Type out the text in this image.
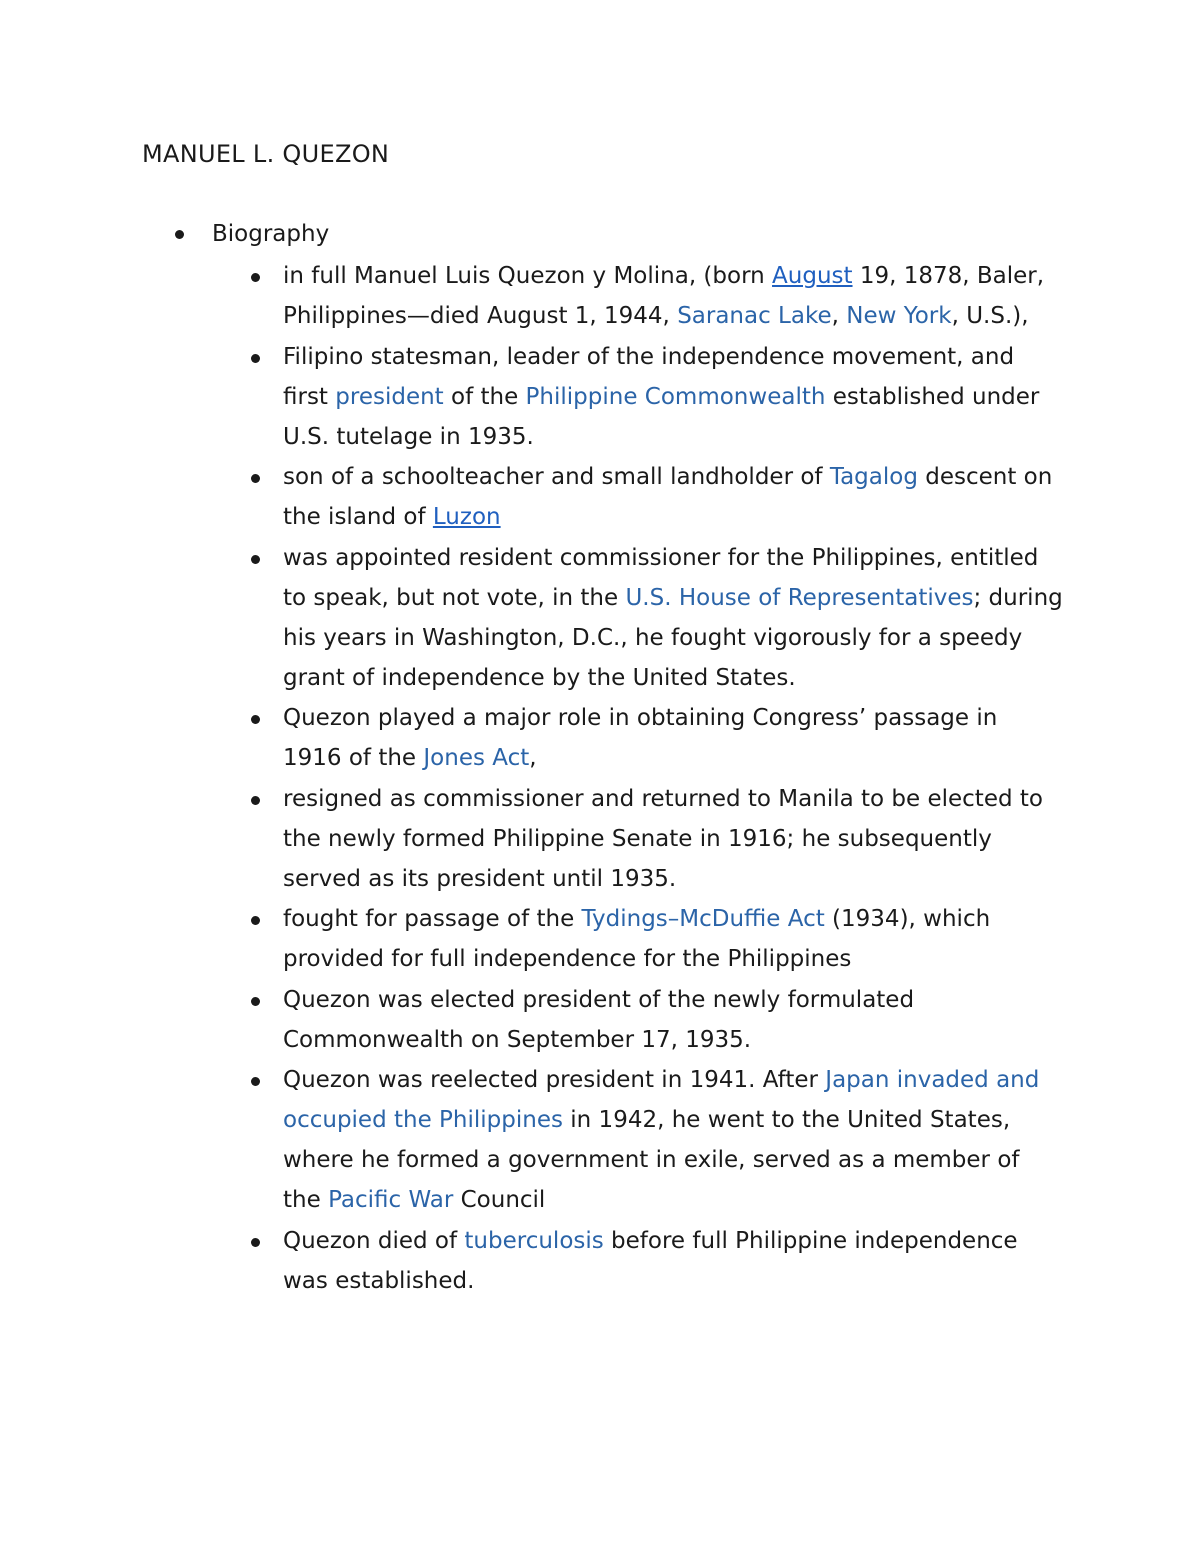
MANUEL L. QUEZON
Biography
in full Manuel Luis Quezon y Molina, (born August 19, 1878, Baler, Philippines—died August 1, 1944, Saranac Lake, New York, U.S.),
Filipino statesman, leader of the independence movement, and first president of the Philippine Commonwealth established under U.S. tutelage in 1935.
son of a schoolteacher and small landholder of Tagalog descent on the island of Luzon
was appointed resident commissioner for the Philippines, entitled to speak, but not vote, in the U.S. House of Representatives; during his years in Washington, D.C., he fought vigorously for a speedy grant of independence by the United States.
Quezon played a major role in obtaining Congress’ passage in 1916 of the Jones Act,
resigned as commissioner and returned to Manila to be elected to the newly formed Philippine Senate in 1916; he subsequently served as its president until 1935.
fought for passage of the Tydings–McDuffie Act (1934), which provided for full independence for the Philippines
Quezon was elected president of the newly formulated Commonwealth on September 17, 1935.
Quezon was reelected president in 1941. After Japan invaded and occupied the Philippines in 1942, he went to the United States, where he formed a government in exile, served as a member of the Pacific War Council
Quezon died of tuberculosis before full Philippine independence was established.
